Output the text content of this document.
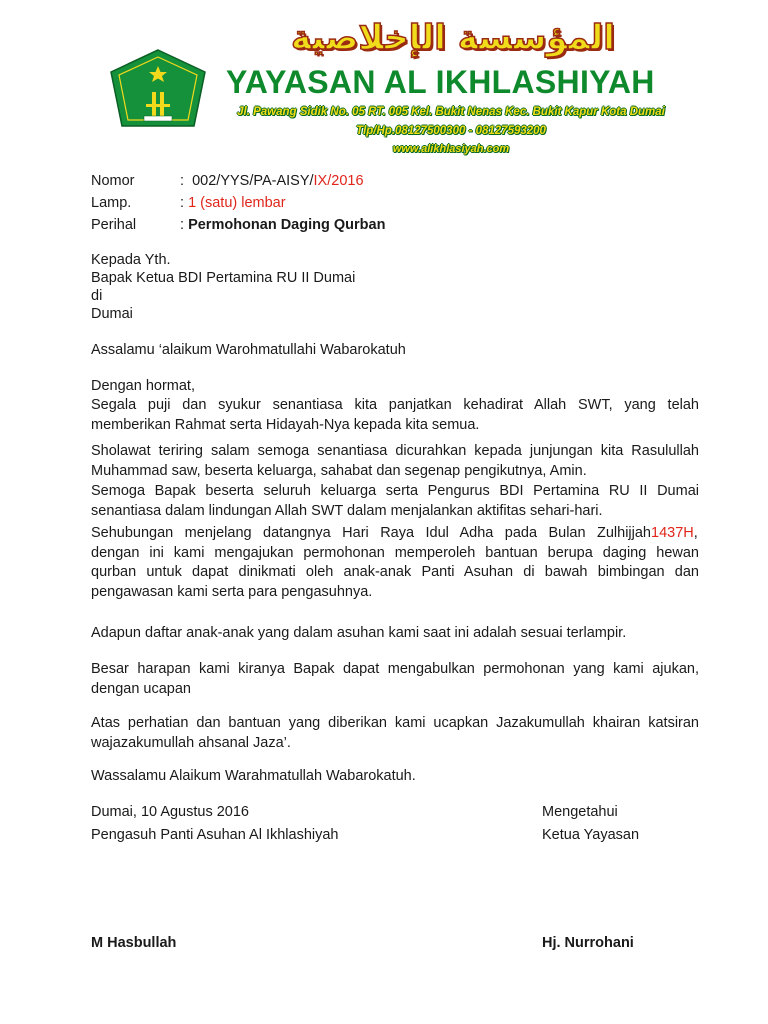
المؤسسة الإخلاصية
YAYASAN AL IKHLASHIYAH
Jl. Pawang Sidik No. 05 RT. 005 Kel. Bukit Nenas Kec. Bukit Kapur Kota Dumai
Tlp/Hp.08127500300 - 08127593200
www.alikhlasiyah.com
Nomor	: 002/YYS/PA-AISY/IX/2016
Lamp.	: 1 (satu) lembar
Perihal	: Permohonan Daging Qurban
Kepada Yth.
Bapak Ketua BDI Pertamina RU II Dumai
di
Dumai
Assalamu ‘alaikum Warohmatullahi Wabarokatuh
Dengan hormat,
Segala puji dan syukur senantiasa kita panjatkan kehadirat Allah SWT, yang telah
memberikan Rahmat serta Hidayah-Nya kepada kita semua.
Sholawat teriring salam semoga senantiasa dicurahkan kepada junjungan kita Rasulullah
Muhammad saw, beserta keluarga, sahabat dan segenap pengikutnya, Amin.
Semoga Bapak beserta seluruh keluarga serta Pengurus BDI Pertamina RU II Dumai
senantiasa dalam lindungan Allah SWT dalam menjalankan aktifitas sehari-hari.
Sehubungan menjelang datangnya Hari Raya Idul Adha pada Bulan Zulhijjah1437H,
dengan ini kami mengajukan permohonan memperoleh bantuan berupa daging hewan
qurban untuk dapat dinikmati oleh anak-anak Panti Asuhan di bawah bimbingan dan
pengawasan kami serta para pengasuhnya.
Adapun daftar anak-anak yang dalam asuhan kami saat ini adalah sesuai terlampir.
Besar harapan kami kiranya Bapak dapat mengabulkan permohonan yang kami ajukan,
dengan ucapan
Atas perhatian dan bantuan yang diberikan kami ucapkan Jazakumullah khairan katsiran
wajazakumullah ahsanal Jaza’.
Wassalamu Alaikum Warahmatullah Wabarokatuh.
Dumai, 10 Agustus 2016
Pengasuh Panti Asuhan Al Ikhlashiyah
Mengetahui
Ketua Yayasan
M Hasbullah	Hj. Nurrohani
